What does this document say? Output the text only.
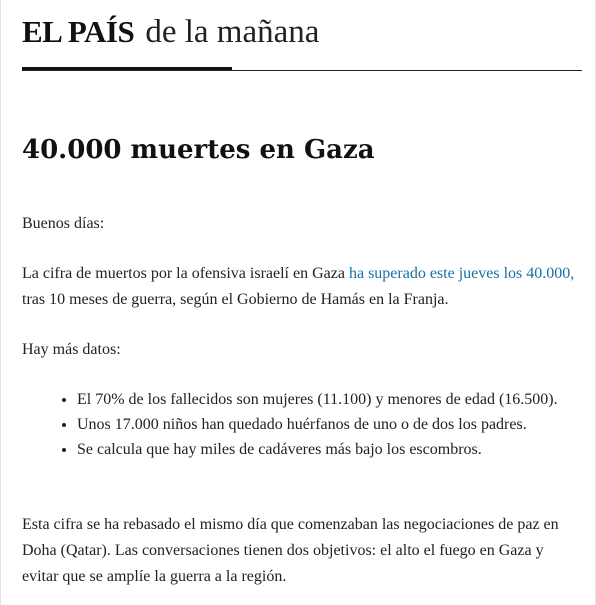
EL PAÍS de la mañana
40.000 muertes en Gaza

Buenos días:

La cifra de muertos por la ofensiva israelí en Gaza ha superado este jueves los 40.000, tras 10 meses de guerra, según el Gobierno de Hamás en la Franja.

Hay más datos:

• El 70% de los fallecidos son mujeres (11.100) y menores de edad (16.500).
• Unos 17.000 niños han quedado huérfanos de uno o de dos los padres.
• Se calcula que hay miles de cadáveres más bajo los escombros.

Esta cifra se ha rebasado el mismo día que comenzaban las negociaciones de paz en Doha (Qatar). Las conversaciones tienen dos objetivos: el alto el fuego en Gaza y evitar que se amplíe la guerra a la región.
